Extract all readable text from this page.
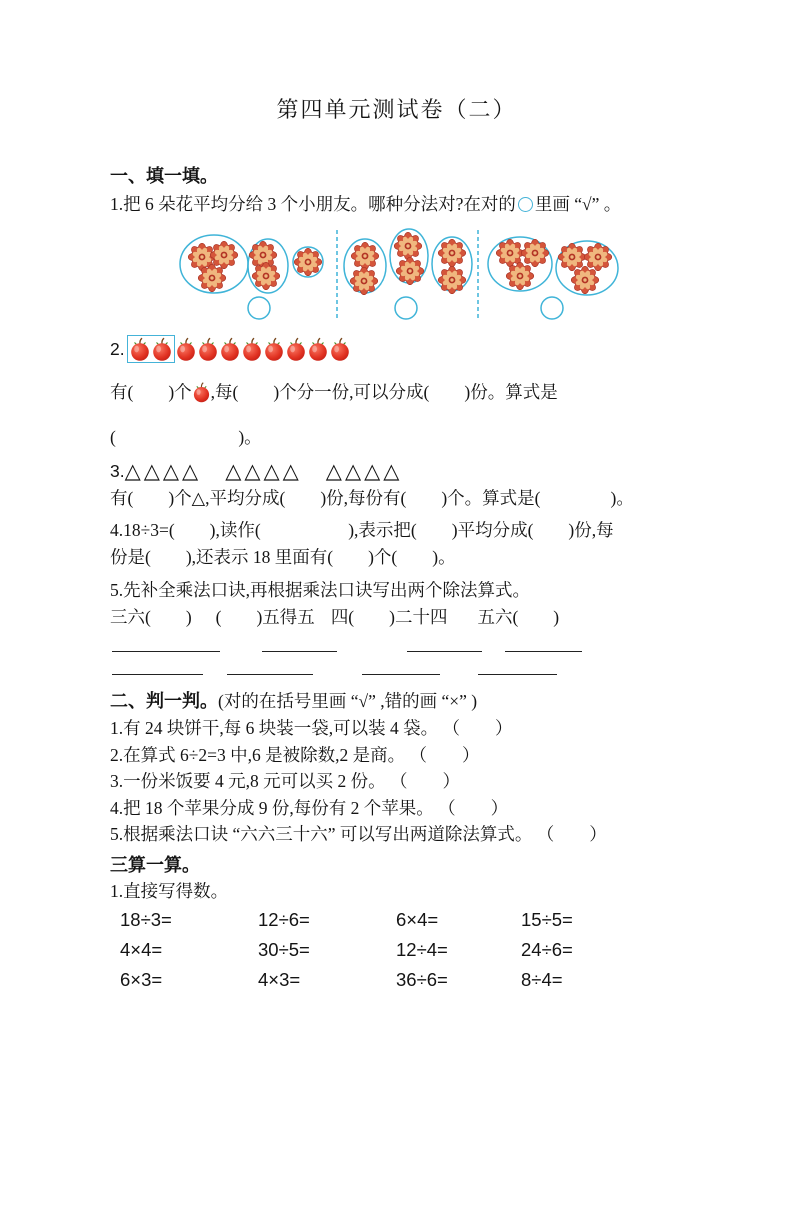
第四单元测试卷（二）
一、填一填。
1.把 6 朵花平均分给 3 个小朋友。哪种分法对?在对的 里画 “√” 。
2.
有(　　)个 ,每(　　)个分一份,可以分成(　　)份。算式是
(　　　　　　　)。
3.△△△△　△△△△　△△△△
有(　　)个△,平均分成(　　)份,每份有(　　)个。算式是(　　　　)。
4.18÷3=(　　),读作(　　　　　),表示把(　　)平均分成(　　)份,每
份是(　　),还表示 18 里面有(　　)个(　　)。
5.先补全乘法口诀,再根据乘法口诀写出两个除法算式。
三六(　　) (　　)五得五 四(　　)二十四 五六(　　)
二、判一判。(对的在括号里画 “√” ,错的画 “×” )
1.有 24 块饼干,每 6 块装一袋,可以装 4 袋。 （　　）
2.在算式 6÷2=3 中,6 是被除数,2 是商。 （　　）
3.一份米饭要 4 元,8 元可以买 2 份。 （　　）
4.把 18 个苹果分成 9 份,每份有 2 个苹果。 （　　）
5.根据乘法口诀 “六六三十六” 可以写出两道除法算式。 （　　）
三算一算。
1.直接写得数。
18÷3=	12÷6=	6×4=	15÷5=
4×4=	30÷5=	12÷4=	24÷6=
6×3=	4×3=	36÷6=	8÷4=
